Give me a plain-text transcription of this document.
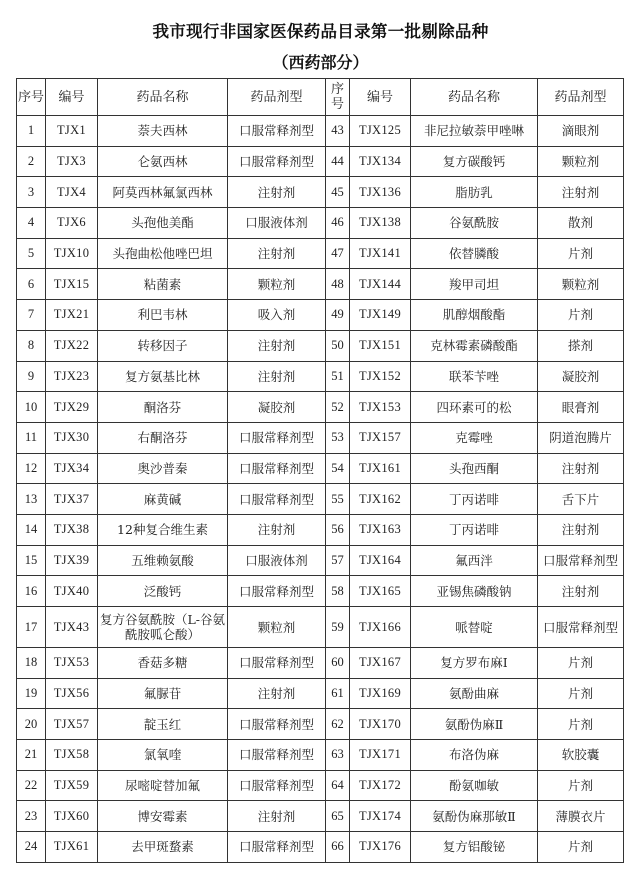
我市现行非国家医保药品目录第一批剔除品种
（西药部分）
序号	编号	药品名称	药品剂型	序号	编号	药品名称	药品剂型
1	TJX1	萘夫西林	口服常释剂型	43	TJX125	非尼拉敏萘甲唑啉	滴眼剂
2	TJX3	仑氨西林	口服常释剂型	44	TJX134	复方碳酸钙	颗粒剂
3	TJX4	阿莫西林氟氯西林	注射剂	45	TJX136	脂肪乳	注射剂
4	TJX6	头孢他美酯	口服液体剂	46	TJX138	谷氨酰胺	散剂
5	TJX10	头孢曲松他唑巴坦	注射剂	47	TJX141	依替膦酸	片剂
6	TJX15	粘菌素	颗粒剂	48	TJX144	羧甲司坦	颗粒剂
7	TJX21	利巴韦林	吸入剂	49	TJX149	肌醇烟酸酯	片剂
8	TJX22	转移因子	注射剂	50	TJX151	克林霉素磷酸酯	搽剂
9	TJX23	复方氨基比林	注射剂	51	TJX152	联苯苄唑	凝胶剂
10	TJX29	酮洛芬	凝胶剂	52	TJX153	四环素可的松	眼膏剂
11	TJX30	右酮洛芬	口服常释剂型	53	TJX157	克霉唑	阴道泡腾片
12	TJX34	奥沙普秦	口服常释剂型	54	TJX161	头孢西酮	注射剂
13	TJX37	麻黄碱	口服常释剂型	55	TJX162	丁丙诺啡	舌下片
14	TJX38	12种复合维生素	注射剂	56	TJX163	丁丙诺啡	注射剂
15	TJX39	五维赖氨酸	口服液体剂	57	TJX164	氟西泮	口服常释剂型
16	TJX40	泛酸钙	口服常释剂型	58	TJX165	亚锡焦磷酸钠	注射剂
17	TJX43	复方谷氨酰胺（L-谷氨酰胺呱仑酸）	颗粒剂	59	TJX166	哌替啶	口服常释剂型
18	TJX53	香菇多糖	口服常释剂型	60	TJX167	复方罗布麻Ⅰ	片剂
19	TJX56	氟脲苷	注射剂	61	TJX169	氨酚曲麻	片剂
20	TJX57	靛玉红	口服常释剂型	62	TJX170	氨酚伪麻Ⅱ	片剂
21	TJX58	氯氧喹	口服常释剂型	63	TJX171	布洛伪麻	软胶囊
22	TJX59	尿嘧啶替加氟	口服常释剂型	64	TJX172	酚氨咖敏	片剂
23	TJX60	博安霉素	注射剂	65	TJX174	氨酚伪麻那敏Ⅱ	薄膜衣片
24	TJX61	去甲斑蝥素	口服常释剂型	66	TJX176	复方铝酸铋	片剂
